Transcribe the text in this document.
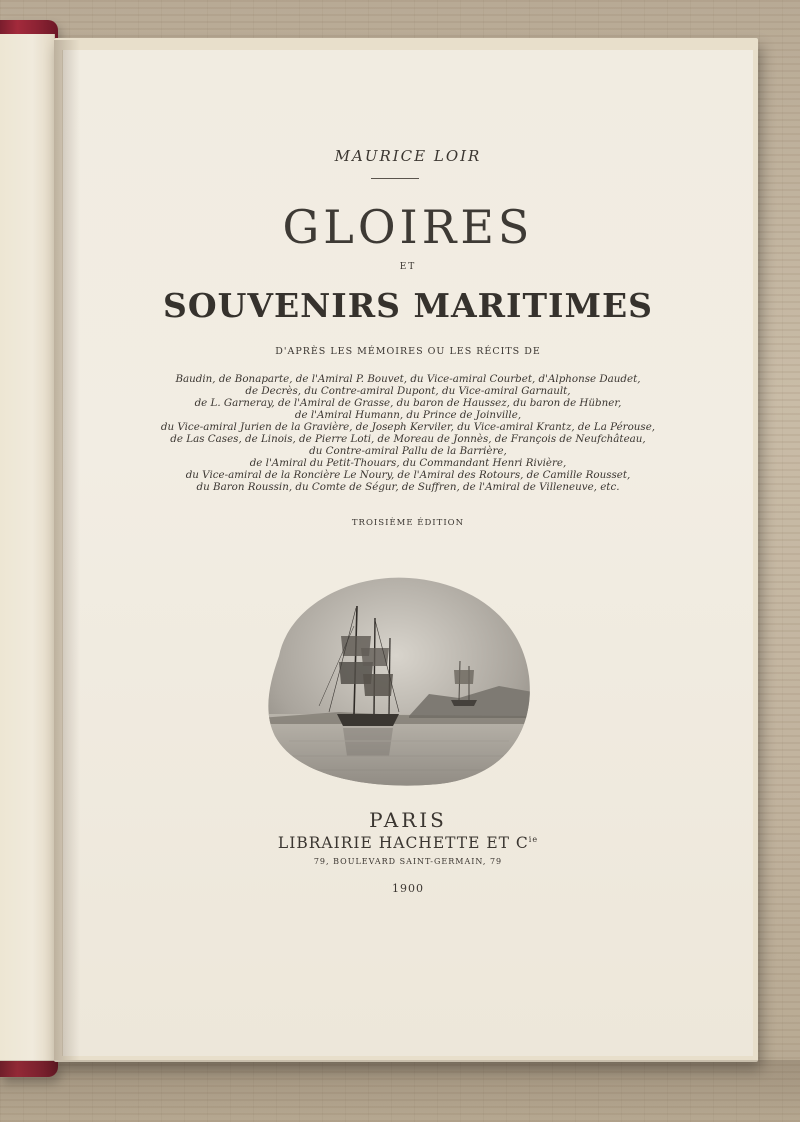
MAURICE LOIR
GLOIRES
ET
SOUVENIRS MARITIMES
D'APRÈS LES MÉMOIRES OU LES RÉCITS DE
Baudin, de Bonaparte, de l'Amiral P. Bouvet, du Vice-amiral Courbet, d'Alphonse Daudet,
de Decrès, du Contre-amiral Dupont, du Vice-amiral Garnault,
de L. Garneray, de l'Amiral de Grasse, du baron de Haussez, du baron de Hübner,
de l'Amiral Humann, du Prince de Joinville,
du Vice-amiral Jurien de la Gravière, de Joseph Kerviler, du Vice-amiral Krantz, de La Pérouse,
de Las Cases, de Linois, de Pierre Loti, de Moreau de Jonnès, de François de Neufchâteau,
du Contre-amiral Pallu de la Barrière,
de l'Amiral du Petit-Thouars, du Commandant Henri Rivière,
du Vice-amiral de la Roncière Le Noury, de l'Amiral des Rotours, de Camille Rousset,
du Baron Roussin, du Comte de Ségur, de Suffren, de l'Amiral de Villeneuve, etc.
TROISIÈME ÉDITION
PARIS
LIBRAIRIE HACHETTE ET $C^{ie}$
79, BOULEVARD SAINT-GERMAIN, 79
1900
